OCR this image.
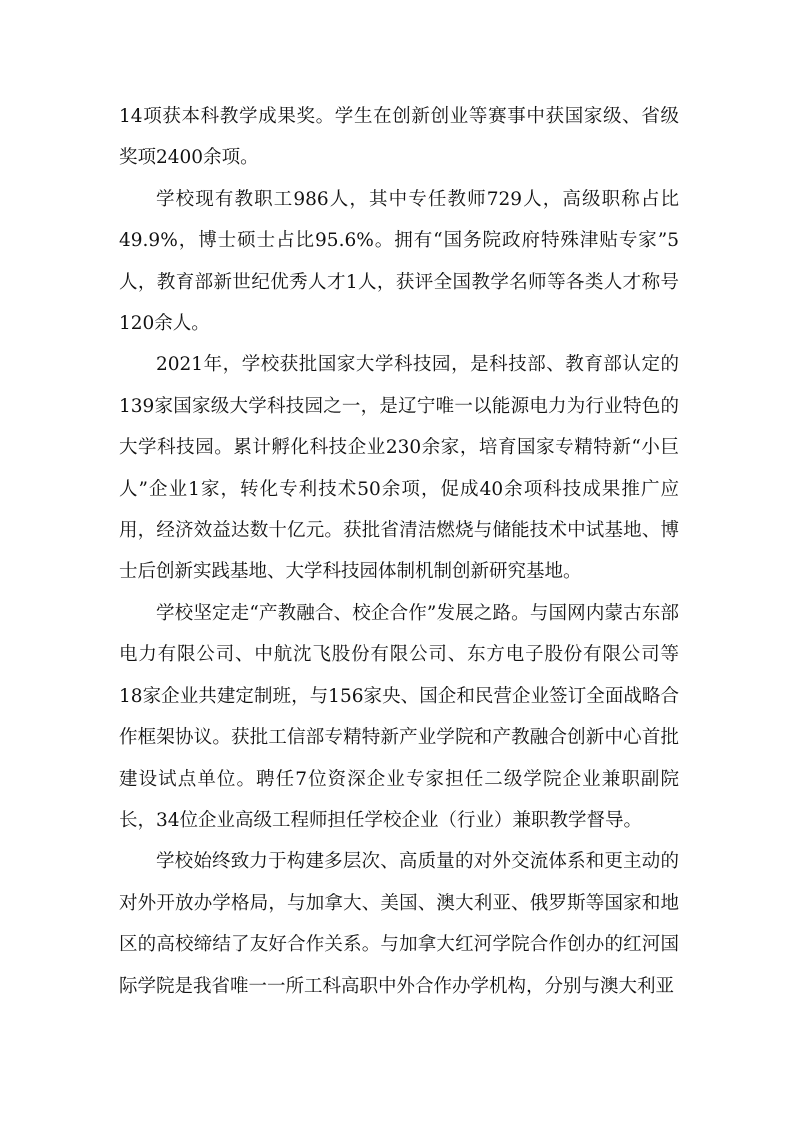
14项获本科教学成果奖。学生在创新创业等赛事中获国家级、省级奖项2400余项。

学校现有教职工986人，其中专任教师729人，高级职称占比49.9%，博士硕士占比95.6%。拥有“国务院政府特殊津贴专家”5人，教育部新世纪优秀人才1人，获评全国教学名师等各类人才称号120余人。

2021年，学校获批国家大学科技园，是科技部、教育部认定的139家国家级大学科技园之一，是辽宁唯一以能源电力为行业特色的大学科技园。累计孵化科技企业230余家，培育国家专精特新“小巨人”企业1家，转化专利技术50余项，促成40余项科技成果推广应用，经济效益达数十亿元。获批省清洁燃烧与储能技术中试基地、博士后创新实践基地、大学科技园体制机制创新研究基地。

学校坚定走“产教融合、校企合作”发展之路。与国网内蒙古东部电力有限公司、中航沈飞股份有限公司、东方电子股份有限公司等18家企业共建定制班，与156家央、国企和民营企业签订全面战略合作框架协议。获批工信部专精特新产业学院和产教融合创新中心首批建设试点单位。聘任7位资深企业专家担任二级学院企业兼职副院长，34位企业高级工程师担任学校企业（行业）兼职教学督导。

学校始终致力于构建多层次、高质量的对外交流体系和更主动的对外开放办学格局，与加拿大、美国、澳大利亚、俄罗斯等国家和地区的高校缔结了友好合作关系。与加拿大红河学院合作创办的红河国际学院是我省唯一一所工科高职中外合作办学机构，分别与澳大利亚
